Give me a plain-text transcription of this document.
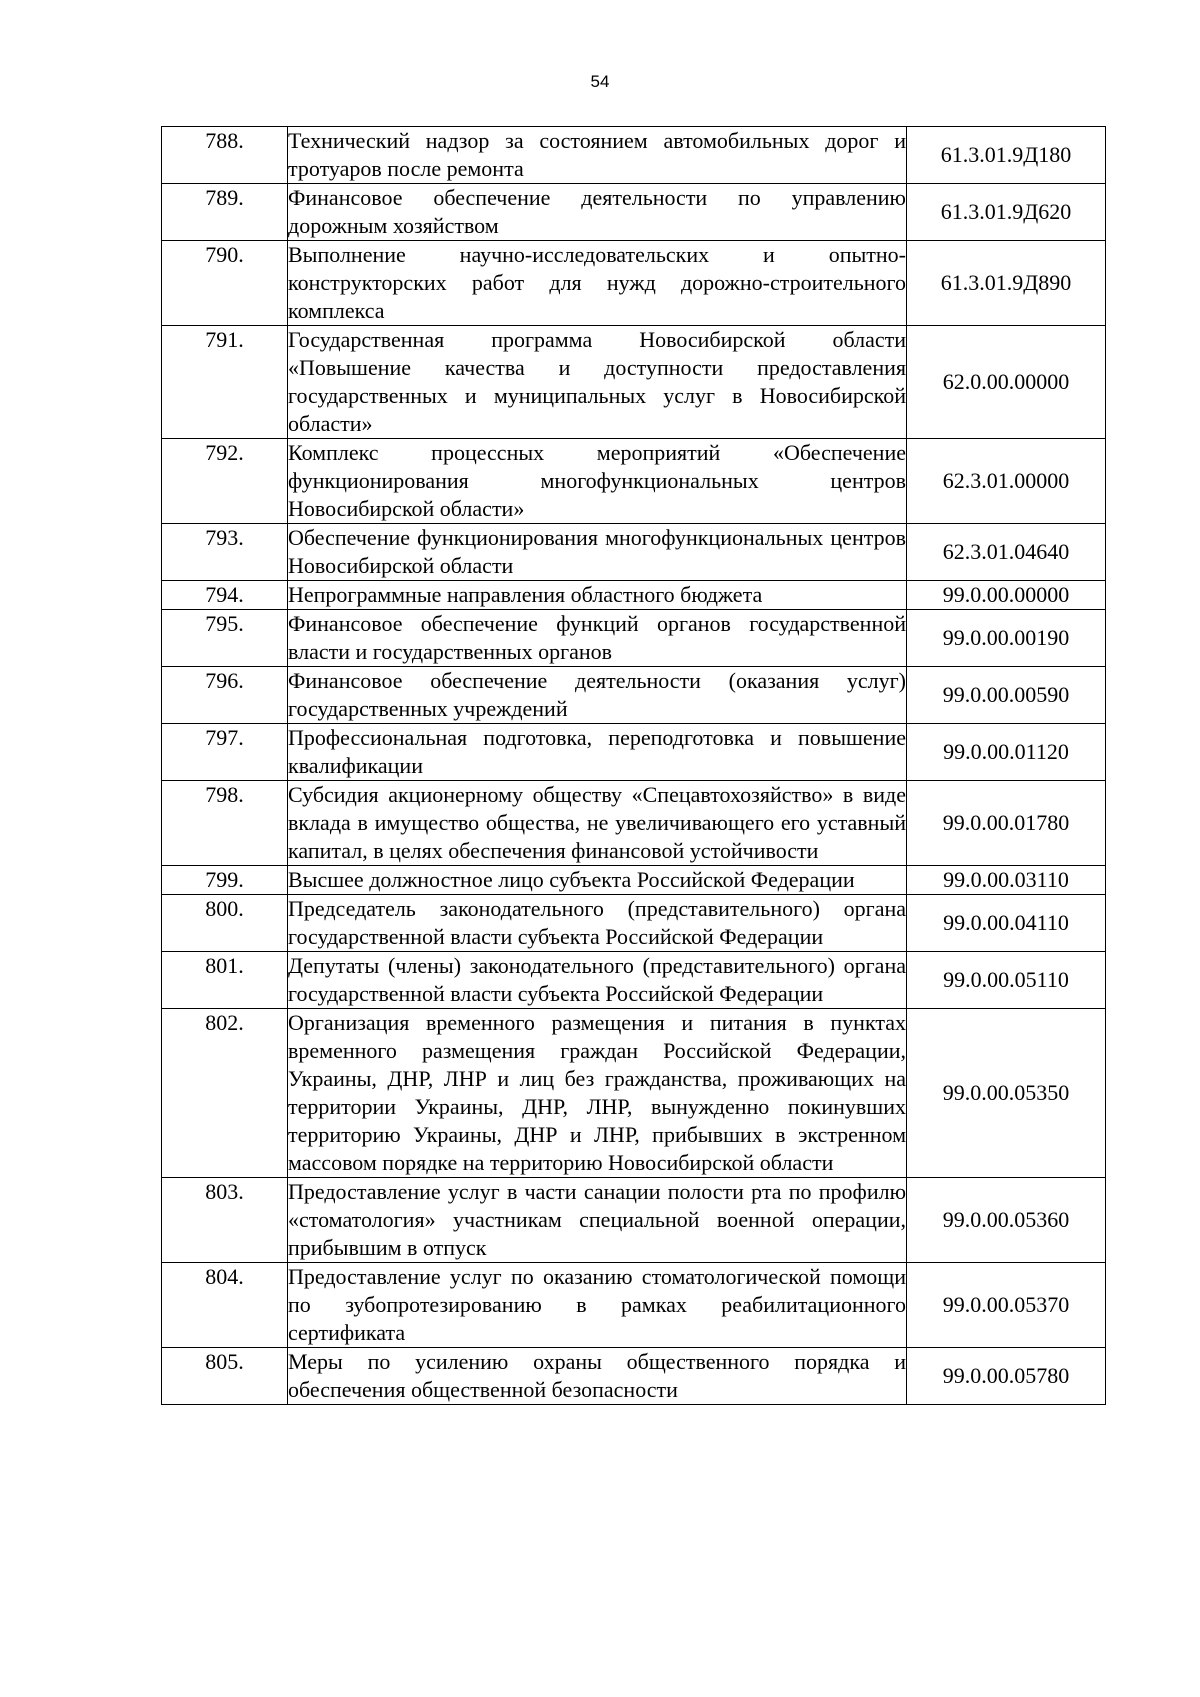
54
788.	Технический надзор за состоянием автомобильных дорог и тротуаров после ремонта	61.3.01.9Д180

789.	Финансовое обеспечение деятельности по управлению дорожным хозяйством	61.3.01.9Д620

790.	Выполнение научно-исследовательских и опытно-конструкторских работ для нужд дорожно-строительного комплекса	61.3.01.9Д890

791.	Государственная программа Новосибирской области «Повышение качества и доступности предоставления государственных и муниципальных услуг в Новосибирской области»	62.0.00.00000

792.	Комплекс процессных мероприятий «Обеспечение функционирования многофункциональных центров Новосибирской области»	62.3.01.00000

793.	Обеспечение функционирования многофункциональных центров Новосибирской области	62.3.01.04640

794.	Непрограммные направления областного бюджета	99.0.00.00000

795.	Финансовое обеспечение функций органов государственной власти и государственных органов	99.0.00.00190

796.	Финансовое обеспечение деятельности (оказания услуг) государственных учреждений	99.0.00.00590

797.	Профессиональная подготовка, переподготовка и повышение квалификации	99.0.00.01120

798.	Субсидия акционерному обществу «Спецавтохозяйство» в виде вклада в имущество общества, не увеличивающего его уставный капитал, в целях обеспечения финансовой устойчивости	99.0.00.01780

799.	Высшее должностное лицо субъекта Российской Федерации	99.0.00.03110

800.	Председатель законодательного (представительного) органа государственной власти субъекта Российской Федерации	99.0.00.04110

801.	Депутаты (члены) законодательного (представительного) органа государственной власти субъекта Российской Федерации	99.0.00.05110

802.	Организация временного размещения и питания в пунктах временного размещения граждан Российской Федерации, Украины, ДНР, ЛНР и лиц без гражданства, проживающих на территории Украины, ДНР, ЛНР, вынужденно покинувших территорию Украины, ДНР и ЛНР, прибывших в экстренном массовом порядке на территорию Новосибирской области	99.0.00.05350

803.	Предоставление услуг в части санации полости рта по профилю «стоматология» участникам специальной военной операции, прибывшим в отпуск	99.0.00.05360

804.	Предоставление услуг по оказанию стоматологической помощи по зубопротезированию в рамках реабилитационного сертификата	99.0.00.05370

805.	Меры по усилению охраны общественного порядка и обеспечения общественной безопасности	99.0.00.05780
